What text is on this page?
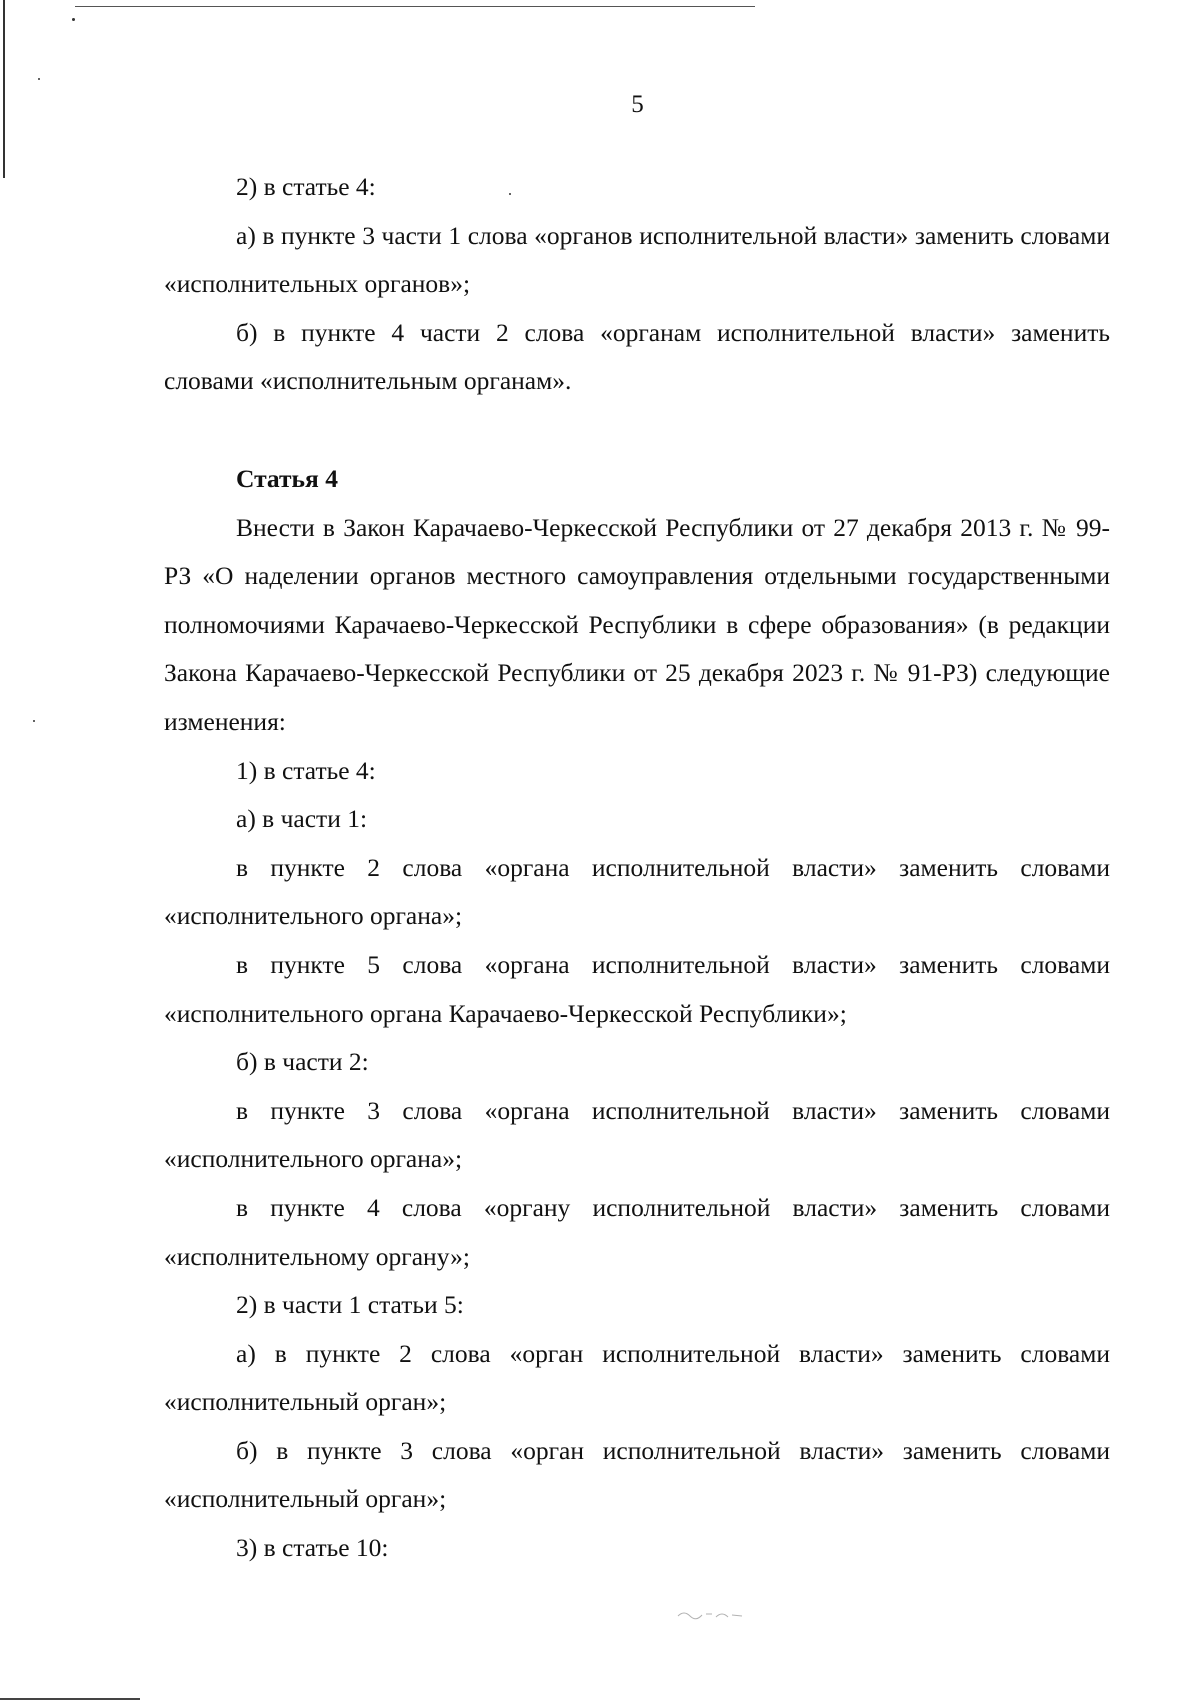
5

2) в статье 4:

а) в пункте 3 части 1 слова «органов исполнительной власти» заменить словами «исполнительных органов»;

б) в пункте 4 части 2 слова «органам исполнительной власти» заменить словами «исполнительным органам».

Статья 4

Внести в Закон Карачаево-Черкесской Республики от 27 декабря 2013 г. № 99-РЗ «О наделении органов местного самоуправления отдельными государственными полномочиями Карачаево-Черкесской Республики в сфере образования» (в редакции Закона Карачаево-Черкесской Республики от 25 декабря 2023 г. № 91-РЗ) следующие изменения:

1) в статье 4:

а) в части 1:

в пункте 2 слова «органа исполнительной власти» заменить словами «исполнительного органа»;

в пункте 5 слова «органа исполнительной власти» заменить словами «исполнительного органа Карачаево-Черкесской Республики»;

б) в части 2:

в пункте 3 слова «органа исполнительной власти» заменить словами «исполнительного органа»;

в пункте 4 слова «органу исполнительной власти» заменить словами «исполнительному органу»;

2) в части 1 статьи 5:

а) в пункте 2 слова «орган исполнительной власти» заменить словами «исполнительный орган»;

б) в пункте 3 слова «орган исполнительной власти» заменить словами «исполнительный орган»;

3) в статье 10:
